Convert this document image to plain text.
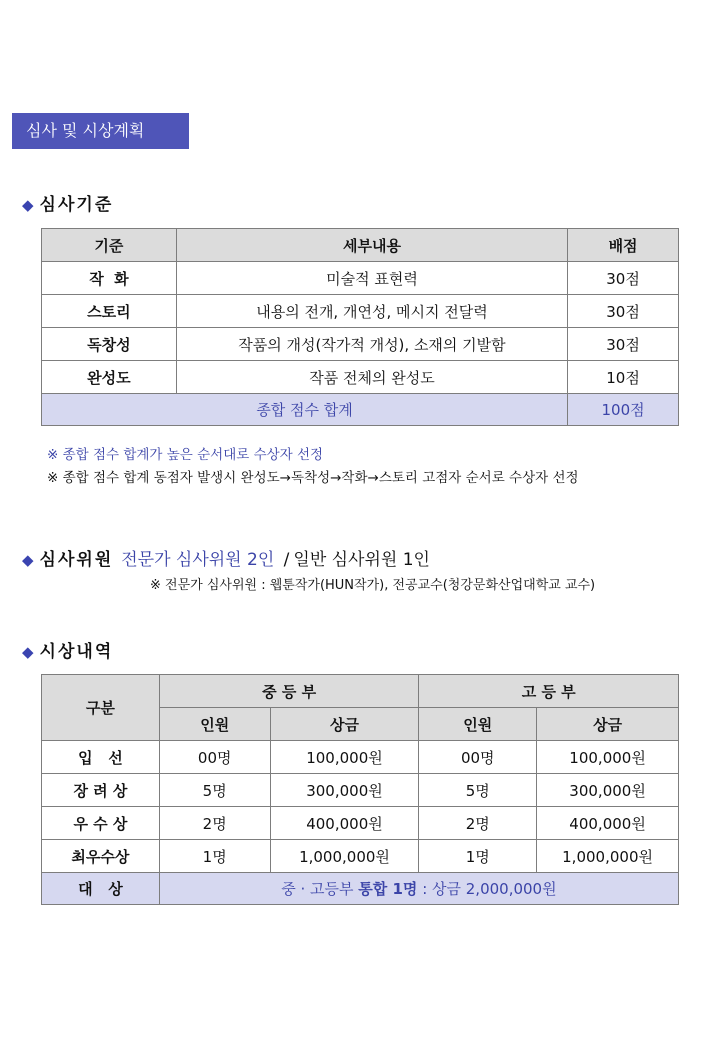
심사 및 시상계획
◆ 심사기준
기준	세부내용	배점
작  화	미술적 표현력	30점
스토리	내용의 전개, 개연성, 메시지 전달력	30점
독창성	작품의 개성(작가적 개성), 소재의 기발함	30점
완성도	작품 전체의 완성도	10점
종합 점수 합계		100점
※ 종합 점수 합계가 높은 순서대로 수상자 선정
※ 종합 점수 합계 동점자 발생시 완성도→독착성→작화→스토리 고점자 순서로 수상자 선정
◆ 심사위원 전문가 심사위원 2인 / 일반 심사위원 1인
※ 전문가 심사위원 : 웹툰작가(HUN작가), 전공교수(청강문화산업대학교 교수)
◆ 시상내역
구분	중 등 부		고 등 부	
	인원	상금	인원	상금
입   선	00명	100,000원	00명	100,000원
장 려 상	5명	300,000원	5명	300,000원
우 수 상	2명	400,000원	2명	400,000원
최우수상	1명	1,000,000원	1명	1,000,000원
대   상	중 · 고등부 통합 1명 : 상금 2,000,000원			
